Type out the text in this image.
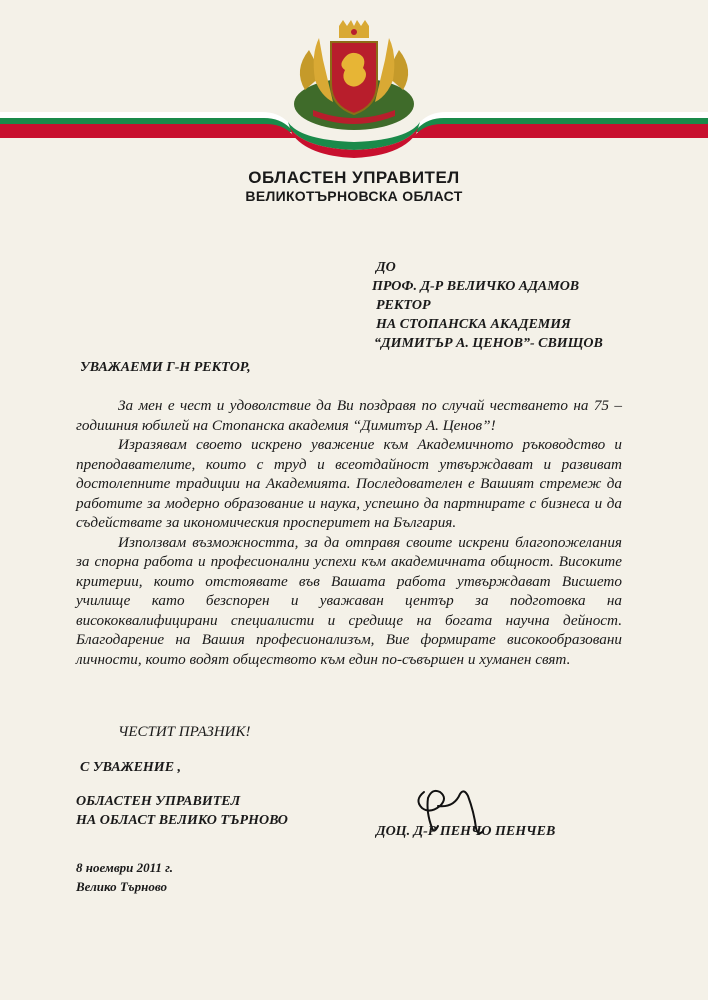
ОБЛАСТЕН УПРАВИТЕЛ
ВЕЛИКОТЪРНОВСКА ОБЛАСТ
ДО
ПРОФ. Д-Р ВЕЛИЧКО АДАМОВ
РЕКТОР
НА СТОПАНСКА АКАДЕМИЯ
“ДИМИТЪР А. ЦЕНОВ”- СВИЩОВ
УВАЖАЕМИ Г-Н РЕКТОР,

За мен е чест и удоволствие да Ви поздравя по случай честването на 75 – годишния юбилей на Стопанска академия “Димитър А. Ценов”!

Изразявам своето искрено уважение към Академичното ръководство и преподавателите, които с труд и всеотдайност утвърждават и развиват достолепните традиции на Академията. Последователен е Вашият стремеж да работите за модерно образование и наука, успешно да партнирате с бизнеса и да съдействате за икономическия просперитет на България.

Използвам възможността, за да отправя своите искрени благопожелания за спорна работа и професионални успехи към академичната общност. Високите критерии, които отстоявате във Вашата работа утвърждават Висшето училище като безспорен и уважаван център за подготовка на висококвалифицирани специалисти и средище на богата научна дейност. Благодарение на Вашия професионализъм, Вие формирате високообразовани личности, които водят обществото към един по-съвършен и хуманен свят.

ЧЕСТИТ ПРАЗНИК!
С УВАЖЕНИЕ ,
ОБЛАСТЕН УПРАВИТЕЛ
НА ОБЛАСТ ВЕЛИКО ТЪРНОВО
ДОЦ. Д-Р ПЕНЧО ПЕНЧЕВ
8 ноември 2011 г.
Велико Търново
